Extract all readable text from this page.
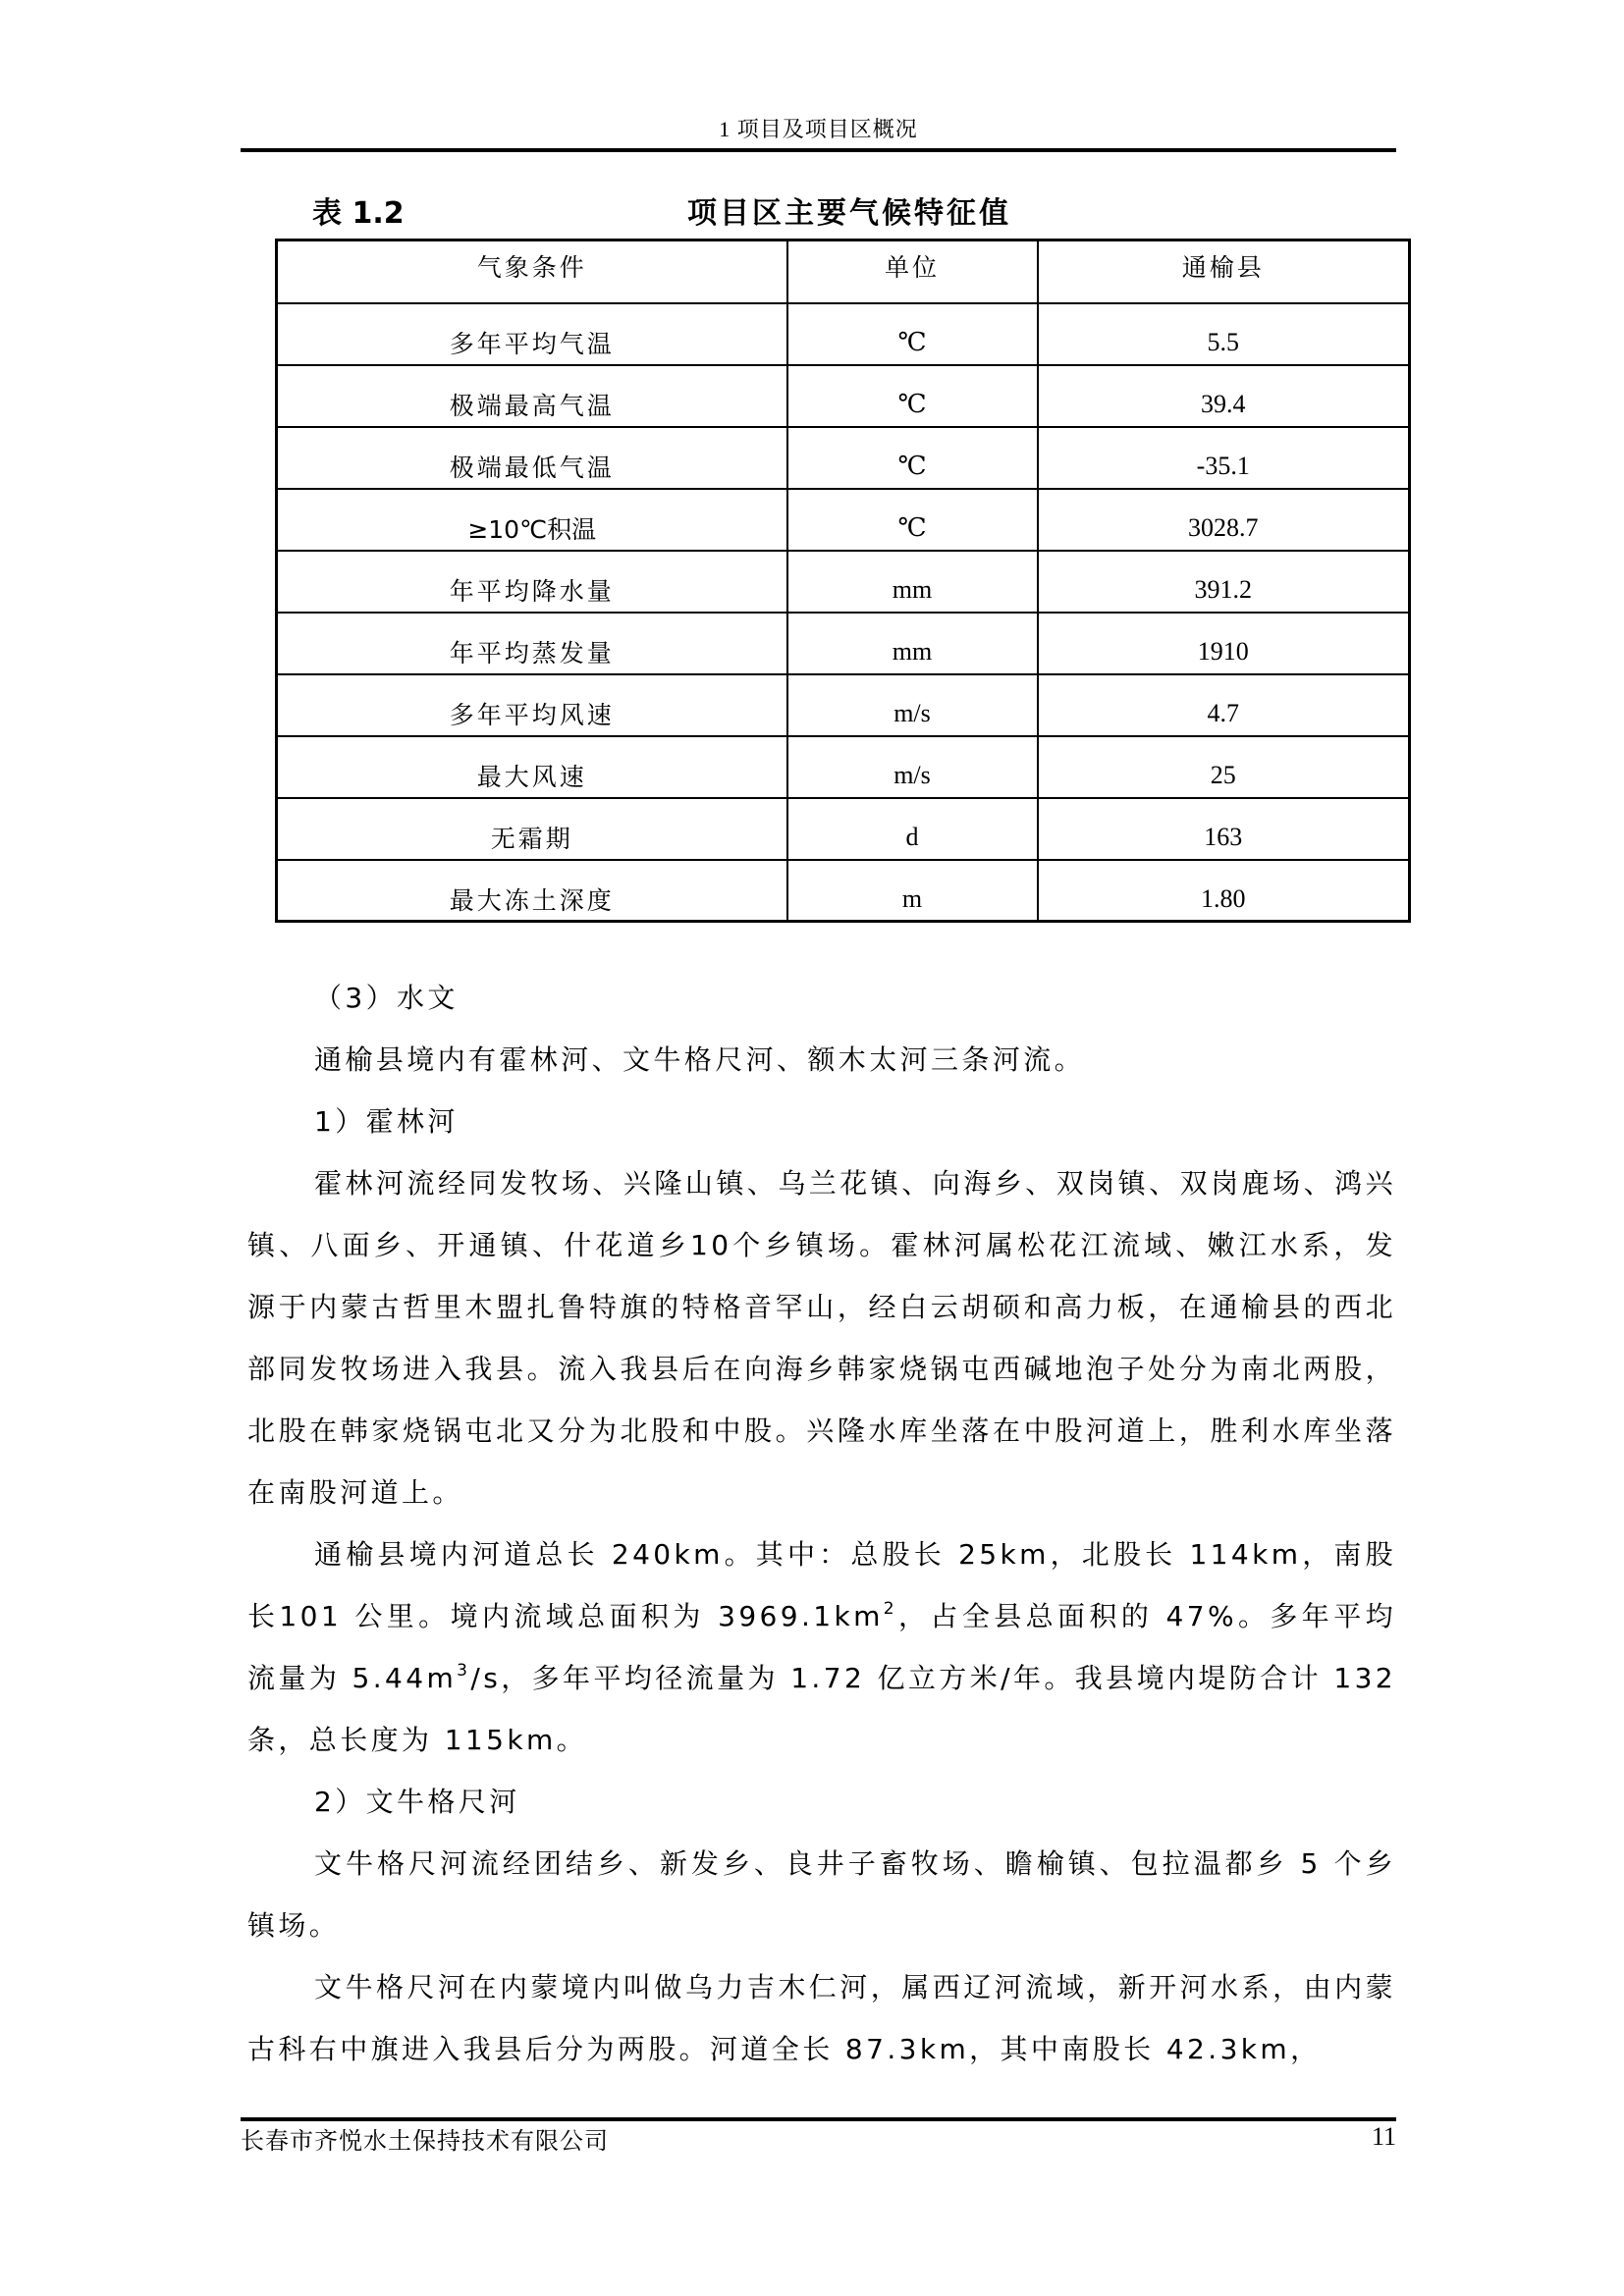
1 项目及项目区概况
表 1.2	项目区主要气候特征值
气象条件	单位	通榆县
多年平均气温	℃	5.5
极端最高气温	℃	39.4
极端最低气温	℃	-35.1
≥10℃积温	℃	3028.7
年平均降水量	mm	391.2
年平均蒸发量	mm	1910
多年平均风速	m/s	4.7
最大风速	m/s	25
无霜期	d	163
最大冻土深度	m	1.80

（3）水文

通榆县境内有霍林河、文牛格尺河、额木太河三条河流。

1）霍林河

霍林河流经同发牧场、兴隆山镇、乌兰花镇、向海乡、双岗镇、双岗鹿场、鸿兴镇、八面乡、开通镇、什花道乡10个乡镇场。霍林河属松花江流域、嫩江水系，发源于内蒙古哲里木盟扎鲁特旗的特格音罕山，经白云胡硕和高力板，在通榆县的西北部同发牧场进入我县。流入我县后在向海乡韩家烧锅屯西碱地泡子处分为南北两股，北股在韩家烧锅屯北又分为北股和中股。兴隆水库坐落在中股河道上，胜利水库坐落在南股河道上。

通榆县境内河道总长 240km。其中：总股长 25km，北股长 114km，南股长101 公里。境内流域总面积为 $3969.1km^2$，占全县总面积的 47%。多年平均流量为 $5.44m^3/s$，多年平均径流量为 1.72 亿立方米/年。我县境内堤防合计 132 条，总长度为 115km。

2）文牛格尺河

文牛格尺河流经团结乡、新发乡、良井子畜牧场、瞻榆镇、包拉温都乡 5 个乡镇场。

文牛格尺河在内蒙境内叫做乌力吉木仁河，属西辽河流域，新开河水系，由内蒙古科右中旗进入我县后分为两股。河道全长 87.3km，其中南股长 42.3km，

长春市齐悦水土保持技术有限公司	11
